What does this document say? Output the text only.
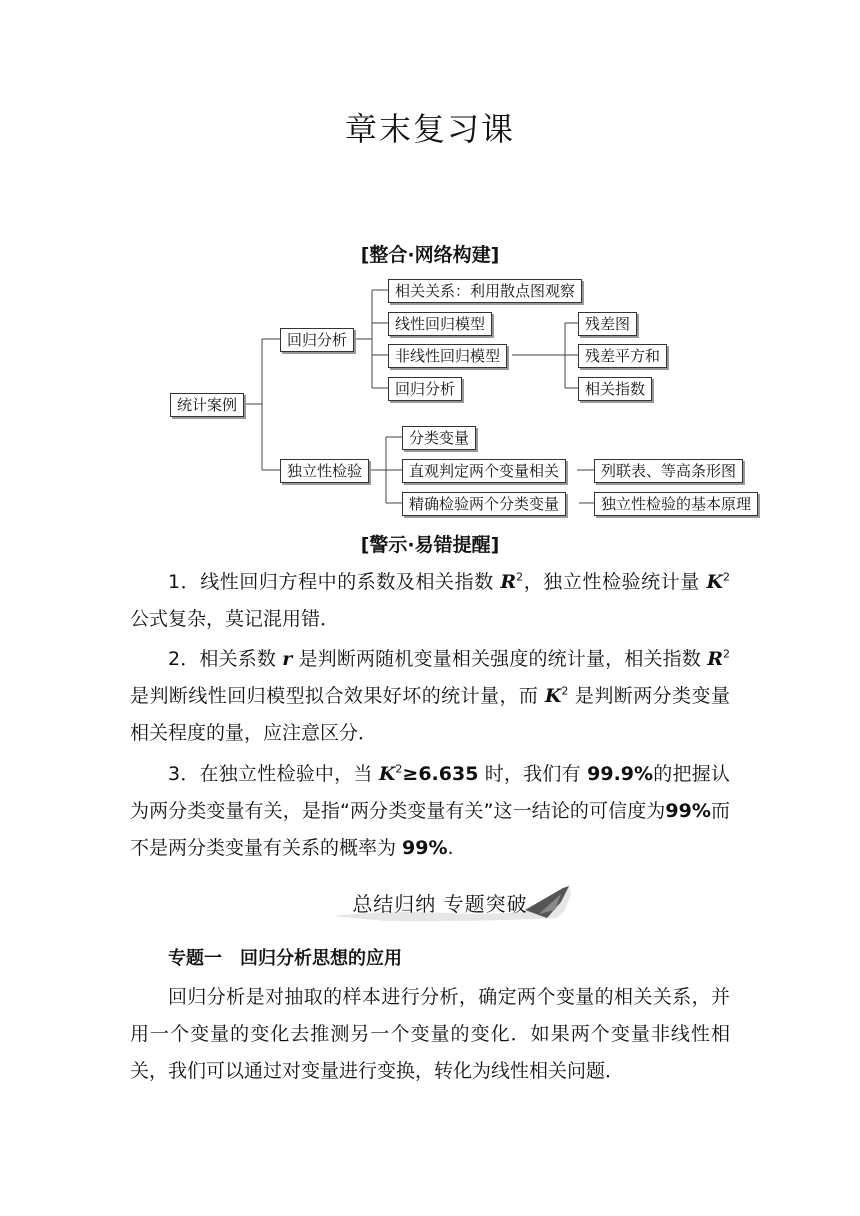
章末复习课
[整合·网络构建]
统计案例
回归分析
相关关系：利用散点图观察
线性回归模型
非线性回归模型
回归分析
残差图
残差平方和
相关指数
独立性检验
分类变量
直观判定两个变量相关
精确检验两个分类变量
列联表、等高条形图
独立性检验的基本原理
[警示·易错提醒]
1．线性回归方程中的系数及相关指数 $R^2$，独立性检验统计量 $K^2$ 公式复杂，莫记混用错．
2．相关系数 r 是判断两随机变量相关强度的统计量，相关指数 $R^2$ 是判断线性回归模型拟合效果好坏的统计量，而 $K^2$ 是判断两分类变量相关程度的量，应注意区分．
3．在独立性检验中，当 $K^2\ge 6.635$ 时，我们有 99.9%的把握认为两分类变量有关，是指“两分类变量有关”这一结论的可信度为99%而不是两分类变量有关系的概率为 99%.
总结归纳 专题突破
专题一　回归分析思想的应用
回归分析是对抽取的样本进行分析，确定两个变量的相关关系，并用一个变量的变化去推测另一个变量的变化．如果两个变量非线性相关，我们可以通过对变量进行变换，转化为线性相关问题．
